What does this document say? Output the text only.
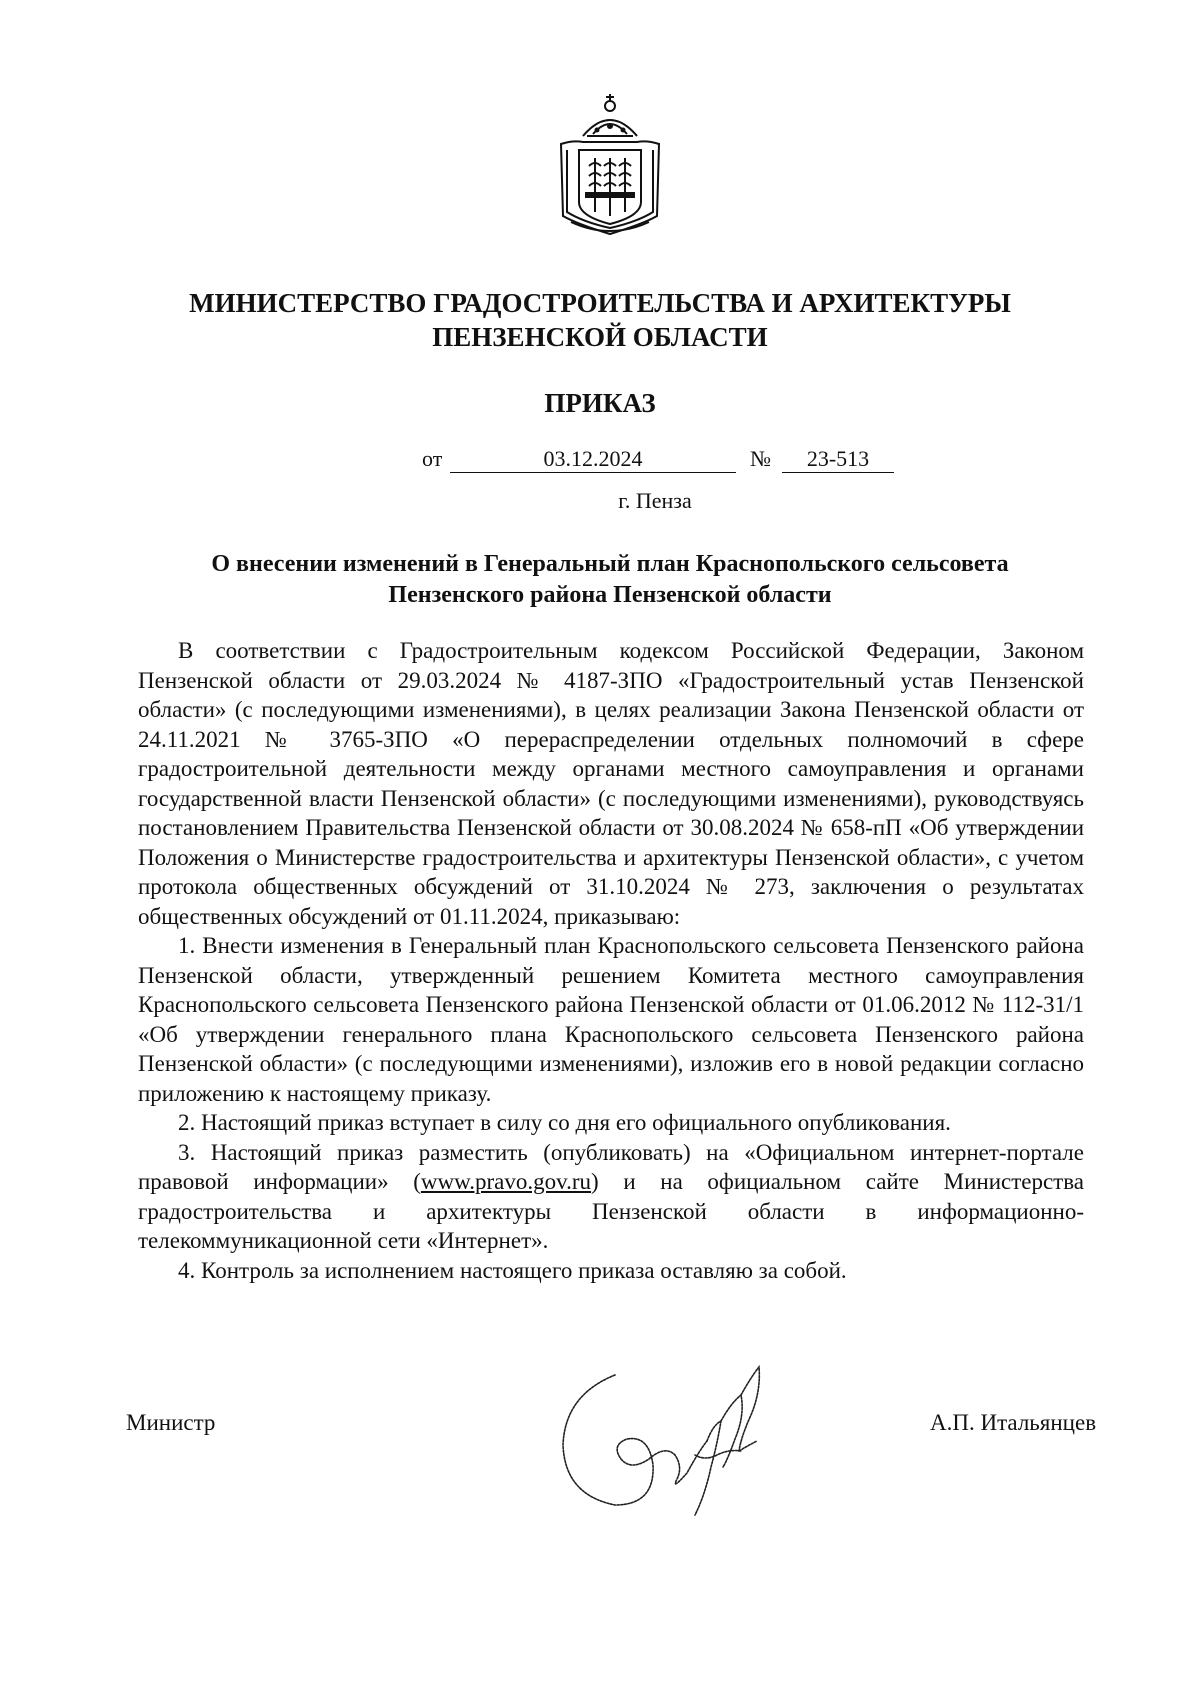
МИНИСТЕРСТВО ГРАДОСТРОИТЕЛЬСТВА И АРХИТЕКТУРЫ
ПЕНЗЕНСКОЙ ОБЛАСТИ
ПРИКАЗ
от	03.12.2024	№	23-513
г. Пенза
О внесении изменений в Генеральный план Краснопольского сельсовета
Пензенского района Пензенской области

В соответствии с Градостроительным кодексом Российской Федерации, Законом Пензенской области от 29.03.2024 № 4187-ЗПО «Градостроительный устав Пензенской области» (с последующими изменениями), в целях реализации Закона Пензенской области от 24.11.2021 № 3765-ЗПО «О перераспределении отдельных полномочий в сфере градостроительной деятельности между органами местного самоуправления и органами государственной власти Пензенской области» (с последующими изменениями), руководствуясь постановлением Правительства Пензенской области от 30.08.2024 № 658-пП «Об утверждении Положения о Министерстве градостроительства и архитектуры Пензенской области», с учетом протокола общественных обсуждений от 31.10.2024 № 273, заключения о результатах общественных обсуждений от 01.11.2024, приказываю:

1. Внести изменения в Генеральный план Краснопольского сельсовета Пензенского района Пензенской области, утвержденный решением Комитета местного самоуправления Краснопольского сельсовета Пензенского района Пензенской области от 01.06.2012 № 112-31/1 «Об утверждении генерального плана Краснопольского сельсовета Пензенского района Пензенской области» (с последующими изменениями), изложив его в новой редакции согласно приложению к настоящему приказу.

2. Настоящий приказ вступает в силу со дня его официального опубликования.

3. Настоящий приказ разместить (опубликовать) на «Официальном интернет-портале правовой информации» (www.pravo.gov.ru) и на официальном сайте Министерства градостроительства и архитектуры Пензенской области в информационно-телекоммуникационной сети «Интернет».

4. Контроль за исполнением настоящего приказа оставляю за собой.

Министр	А.П. Итальянцев
